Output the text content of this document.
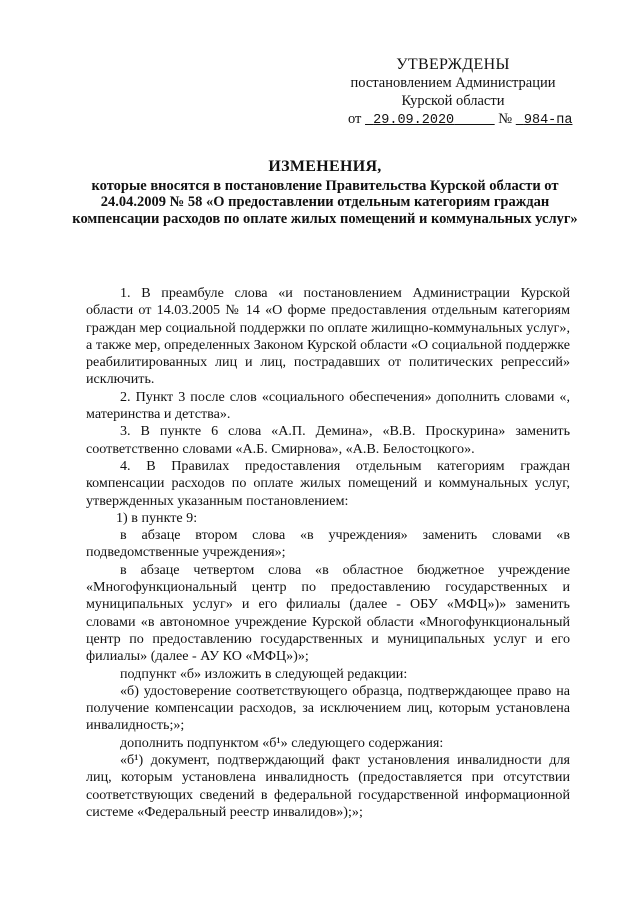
УТВЕРЖДЕНЫ
постановлением Администрации
Курской области
от 29.09.2020	№ 984-па
ИЗМЕНЕНИЯ,
которые вносятся в постановление Правительства Курской области от 24.04.2009 № 58 «О предоставлении отдельным категориям граждан компенсации расходов по оплате жилых помещений и коммунальных услуг»

1. В преамбуле слова «и постановлением Администрации Курской области от 14.03.2005 № 14 «О форме предоставления отдельным категориям граждан мер социальной поддержки по оплате жилищно-коммунальных услуг», а также мер, определенных Законом Курской области «О социальной поддержке реабилитированных лиц и лиц, пострадавших от политических репрессий» исключить.

2. Пункт 3 после слов «социального обеспечения» дополнить словами «, материнства и детства».

3. В пункте 6 слова «А.П. Демина», «В.В. Проскурина» заменить соответственно словами «А.Б. Смирнова», «А.В. Белостоцкого».

4. В Правилах предоставления отдельным категориям граждан компенсации расходов по оплате жилых помещений и коммунальных услуг, утвержденных указанным постановлением:

1) в пункте 9:

в абзаце втором слова «в учреждения» заменить словами «в подведомственные учреждения»;

в абзаце четвертом слова «в областное бюджетное учреждение «Многофункциональный центр по предоставлению государственных и муниципальных услуг» и его филиалы (далее - ОБУ «МФЦ»)» заменить словами «в автономное учреждение Курской области «Многофункциональный центр по предоставлению государственных и муниципальных услуг и его филиалы» (далее - АУ КО «МФЦ»)»;

подпункт «б» изложить в следующей редакции:

«б) удостоверение соответствующего образца, подтверждающее право на получение компенсации расходов, за исключением лиц, которым установлена инвалидность;»;

дополнить подпунктом «б¹» следующего содержания:

«б¹) документ, подтверждающий факт установления инвалидности для лиц, которым установлена инвалидность (предоставляется при отсутствии соответствующих сведений в федеральной государственной информационной системе «Федеральный реестр инвалидов»);»;
